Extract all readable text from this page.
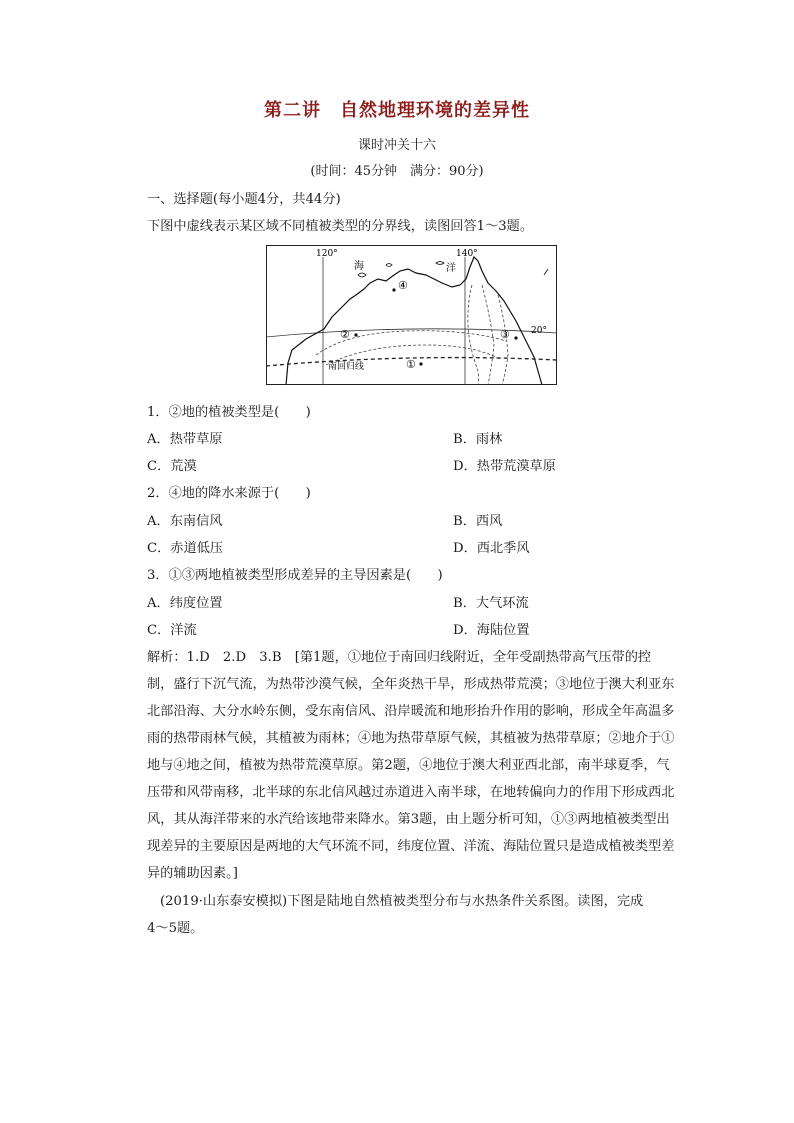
第二讲　自然地理环境的差异性
课时冲关十六
(时间：45分钟　满分：90分)
一、选择题(每小题4分，共44分)
下图中虚线表示某区域不同植被类型的分界线，读图回答1～3题。
120°	140°
20°
海	洋
南回归线	①
②	③
④
1．②地的植被类型是(　　)
A．热带草原	B．雨林
C．荒漠	D．热带荒漠草原
2．④地的降水来源于(　　)
A．东南信风	B．西风
C．赤道低压	D．西北季风
3．①③两地植被类型形成差异的主导因素是(　　)
A．纬度位置	B．大气环流
C．洋流	D．海陆位置
解析：1.D　2.D　3.B　[第1题，①地位于南回归线附近，全年受副热带高气压带的控
制，盛行下沉气流，为热带沙漠气候，全年炎热干旱，形成热带荒漠；③地位于澳大利亚东
北部沿海、大分水岭东侧，受东南信风、沿岸暖流和地形抬升作用的影响，形成全年高温多
雨的热带雨林气候，其植被为雨林；④地为热带草原气候，其植被为热带草原；②地介于①
地与④地之间，植被为热带荒漠草原。第2题，④地位于澳大利亚西北部，南半球夏季，气
压带和风带南移，北半球的东北信风越过赤道进入南半球，在地转偏向力的作用下形成西北
风，其从海洋带来的水汽给该地带来降水。第3题，由上题分析可知，①③两地植被类型出
现差异的主要原因是两地的大气环流不同，纬度位置、洋流、海陆位置只是造成植被类型差
异的辅助因素。]
(2019·山东泰安模拟)下图是陆地自然植被类型分布与水热条件关系图。读图，完成
4～5题。
